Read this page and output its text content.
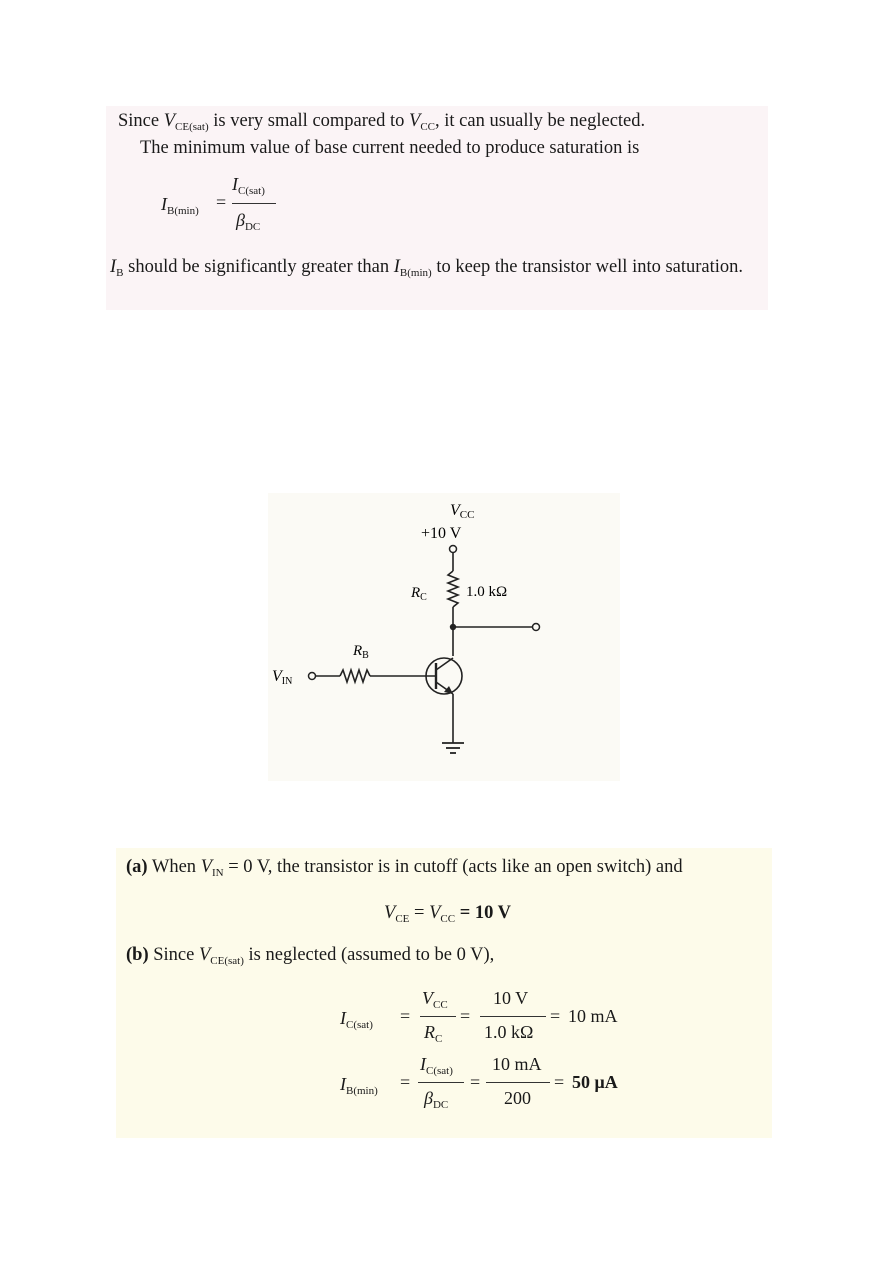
Since $V_{CE(sat)}$ is very small compared to $V_{CC}$, it can usually be neglected.
The minimum value of base current needed to produce saturation is
$I_{B(min)}$ =
$I_{C(sat)}$
$\beta_{DC}$
$I_B$ should be significantly greater than $I_{B(min)}$ to keep the transistor well into saturation.
VCC
+10 V
$R_C$	1.0 kΩ
VIN
$R_B$
(a) When $V_{IN} = 0$ V, the transistor is in cutoff (acts like an open switch) and
$V_{CE} = V_{CC} = 10$ V
(b) Since $V_{CE(sat)}$ is neglected (assumed to be 0 V),
$I_{C(sat)}$ =
$V_{CC}$
$R_C$
=
10 V
1.0 kΩ
= 10 mA
$I_{B(min)}$ =
$I_{C(sat)}$
$\beta_{DC}$
=
10 mA
200
= 50 μA
